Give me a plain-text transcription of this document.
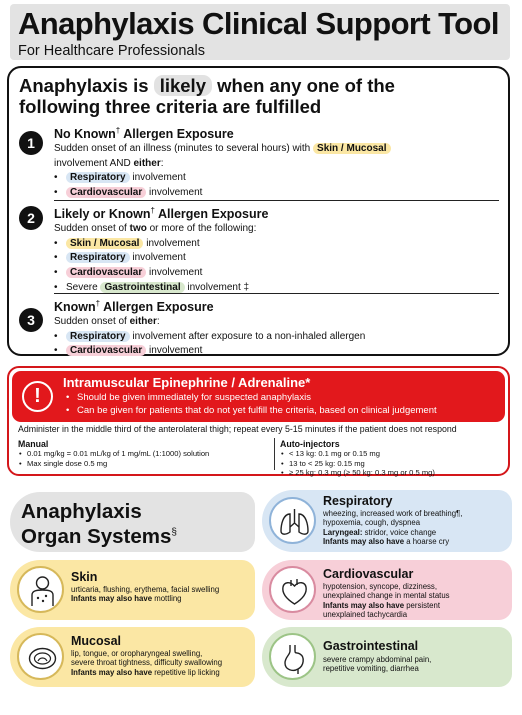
Anaphylaxis Clinical Support Tool
For Healthcare Professionals
Anaphylaxis is likely when any one of the
following three criteria are fulfilled
1
No Known† Allergen Exposure
Sudden onset of an illness (minutes to several hours) with Skin / Mucosal
involvement AND either:
• Respiratory involvement
• Cardiovascular involvement
2	Likely or Known† Allergen Exposure
Sudden onset of two or more of the following:
• Skin / Mucosal involvement
• Respiratory involvement
• Cardiovascular involvement
• Severe Gastrointestinal involvement ‡
3
Known† Allergen Exposure
Sudden onset of either:
• Respiratory involvement after exposure to a non-inhaled allergen
• Cardiovascular involvement
!
Intramuscular Epinephrine / Adrenaline*
• Should be given immediately for suspected anaphylaxis
• Can be given for patients that do not yet fulfill the criteria, based on clinical judgement
Administer in the middle third of the anterolateral thigh; repeat every 5-15 minutes if the patient does not respond
Manual
• 0.01 mg/kg = 0.01 mL/kg of 1 mg/mL (1:1000) solution
• Max single dose 0.5 mg
Auto-injectors
• < 13 kg: 0.1 mg or 0.15 mg
• 13 to < 25 kg: 0.15 mg
• ≥ 25 kg: 0.3 mg (≥ 50 kg: 0.3 mg or 0.5 mg)
Anaphylaxis
Organ Systems§
Respiratory
wheezing, increased work of breathing¶,
hypoxemia, cough, dyspnea
Laryngeal: stridor, voice change
Infants may also have a hoarse cry
Skin
urticaria, flushing, erythema, facial swelling
Infants may also have mottling
Cardiovascular
hypotension, syncope, dizziness,
unexplained change in mental status
Infants may also have persistent
unexplained tachycardia
Mucosal
lip, tongue, or oropharyngeal swelling,
severe throat tightness, difficulty swallowing
Infants may also have repetitive lip licking
Gastrointestinal
severe crampy abdominal pain,
repetitive vomiting, diarrhea
